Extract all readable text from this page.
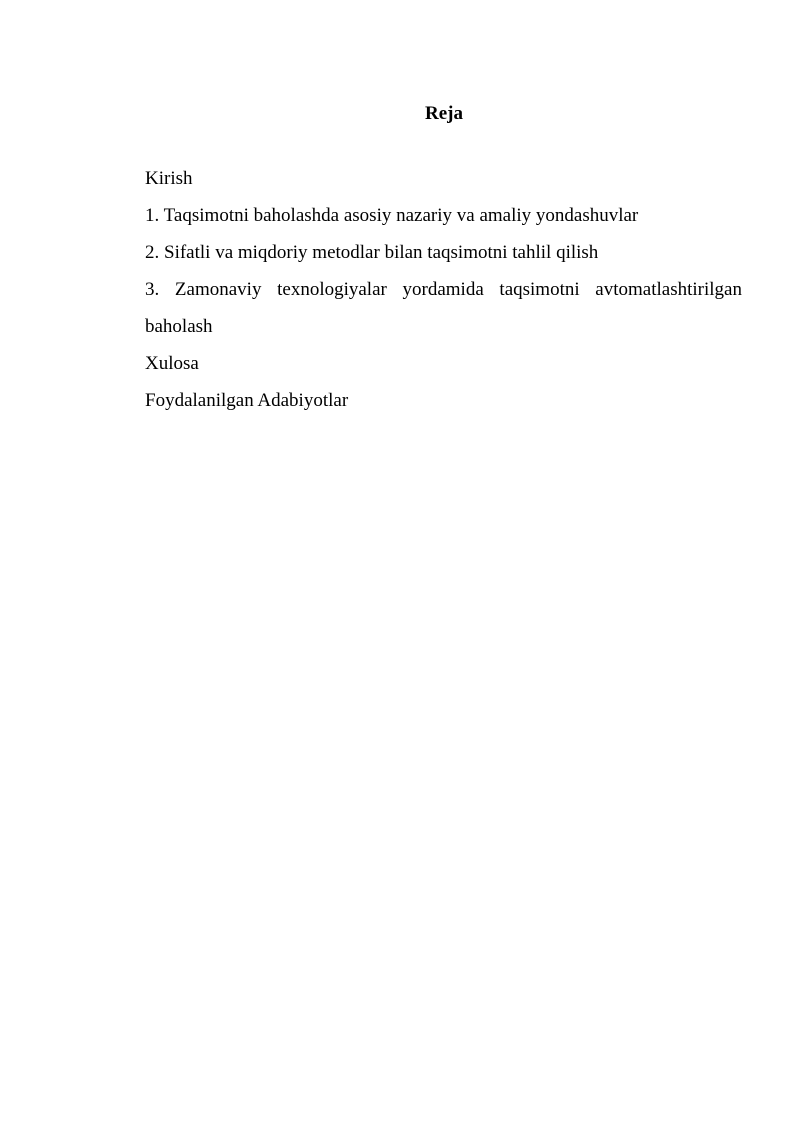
Reja
Kirish
1. Taqsimotni baholashda asosiy nazariy va amaliy yondashuvlar
2. Sifatli va miqdoriy metodlar bilan taqsimotni tahlil qilish
3. Zamonaviy texnologiyalar yordamida taqsimotni avtomatlashtirilgan baholash
Xulosa
Foydalanilgan Adabiyotlar
